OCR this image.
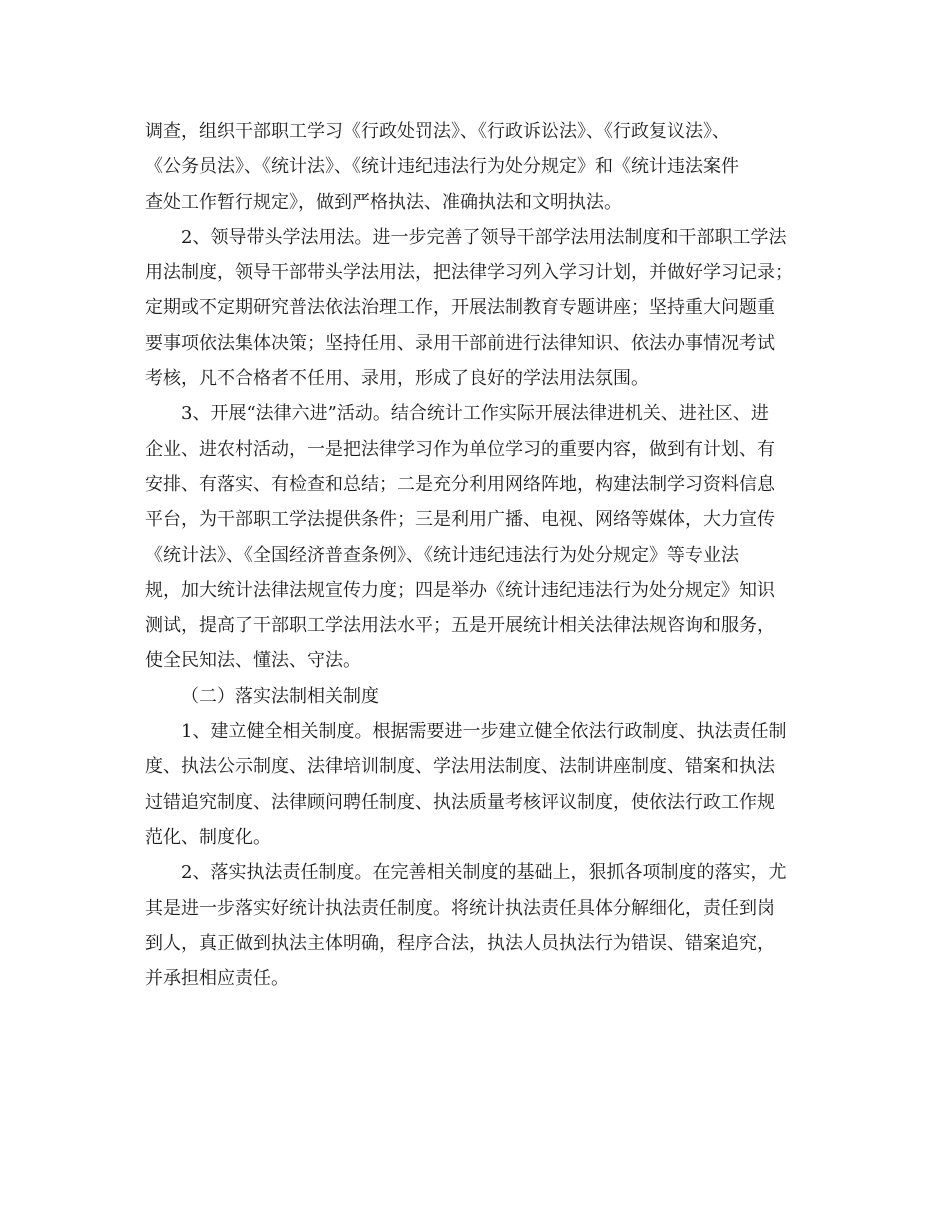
调查，组织干部职工学习《行政处罚法》、《行政诉讼法》、《行政复议法》、
《公务员法》、《统计法》、《统计违纪违法行为处分规定》和《统计违法案件
查处工作暂行规定》，做到严格执法、准确执法和文明执法。
2、领导带头学法用法。进一步完善了领导干部学法用法制度和干部职工学法
用法制度，领导干部带头学法用法，把法律学习列入学习计划，并做好学习记录；
定期或不定期研究普法依法治理工作，开展法制教育专题讲座；坚持重大问题重
要事项依法集体决策；坚持任用、录用干部前进行法律知识、依法办事情况考试
考核，凡不合格者不任用、录用，形成了良好的学法用法氛围。
3、开展“法律六进”活动。结合统计工作实际开展法律进机关、进社区、进
企业、进农村活动，一是把法律学习作为单位学习的重要内容，做到有计划、有
安排、有落实、有检查和总结；二是充分利用网络阵地，构建法制学习资料信息
平台，为干部职工学法提供条件；三是利用广播、电视、网络等媒体，大力宣传
《统计法》、《全国经济普查条例》、《统计违纪违法行为处分规定》等专业法
规，加大统计法律法规宣传力度；四是举办《统计违纪违法行为处分规定》知识
测试，提高了干部职工学法用法水平；五是开展统计相关法律法规咨询和服务，
使全民知法、懂法、守法。
（二）落实法制相关制度
1、建立健全相关制度。根据需要进一步建立健全依法行政制度、执法责任制
度、执法公示制度、法律培训制度、学法用法制度、法制讲座制度、错案和执法
过错追究制度、法律顾问聘任制度、执法质量考核评议制度，使依法行政工作规
范化、制度化。
2、落实执法责任制度。在完善相关制度的基础上，狠抓各项制度的落实，尤
其是进一步落实好统计执法责任制度。将统计执法责任具体分解细化，责任到岗
到人，真正做到执法主体明确，程序合法，执法人员执法行为错误、错案追究，
并承担相应责任。
